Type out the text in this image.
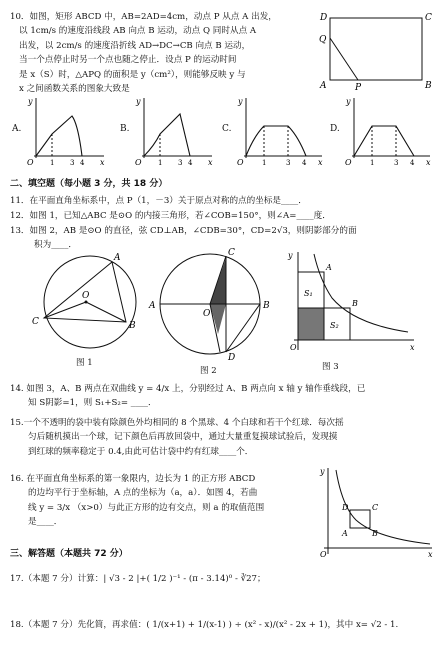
10．如图，矩形 ABCD 中，AB=2AD=4cm，动点 P 从点 A 出发，
以 1cm/s 的速度沿线段 AB 向点 B 运动，动点 Q 同时从点 A
出发，以 2cm/s 的速度沿折线 AD→DC→CB 向点 B 运动，
当一个点停止时另一个点也随之停止．设点 P 的运动时间
是 x（S）时，△APQ 的面积是 y（cm²），则能够反映 y 与
x 之间函数关系的图象大致是
D	C
Q
A	P	B
A.
y
x
O 1 3 4
B.
y
x
O 1 3 4
C.
y
x
O	1	3 4
D.
y
x
O	1	3 4
二、填空题（每小题 3 分，共 18 分）
11．在平面直角坐标系中，点 P（1，－3）关于原点对称的点的坐标是____．
12．如图 1，已知△ABC 是⊙O 的内接三角形，若∠COB=150°，则∠A=____度．
13．如图 2，AB 是⊙O 的直径，弦 CD⊥AB，∠CDB=30°，CD=2√3，则阴影部分的面
积为____．
A
B
C
O
图 1
C
A	B
O
D
图 2
y
x
O
A
B
S₁
S₂
图 3
14. 如图 3，A、B 两点在双曲线 y = 4/x 上，分别经过 A、B 两点向 x 轴 y 轴作垂线段，已
知 S阴影=1，则 S₁+S₂= ____．
15.一个不透明的袋中装有除颜色外均相同的 8 个黑球、4 个白球和若干个红球．每次摇
匀后随机摸出一个球，记下颜色后再放回袋中，通过大量重复摸球试验后，发现摸
到红球的频率稳定于 0.4,由此可估计袋中约有红球____个．
16. 在平面直角坐标系的第一象限内，边长为 1 的正方形 ABCD
的边均平行于坐标轴，A 点的坐标为（a，a）．如图 4，若曲
线 y = 3/x （x>0）与此正方形的边有交点，则 a 的取值范围
是____．
y
x
O
A	B
C
D
三、解答题（本题共 72 分）
17.（本题 7 分）计算：| √3 - 2 |+( 1/2 )⁻¹ - (π - 3.14)⁰ - ∛27；
18.（本题 7 分）先化简，再求值：( 1/(x+1) + 1/(x-1) ) ÷ (x² - x)/(x² - 2x + 1)，其中 x= √2 - 1.
